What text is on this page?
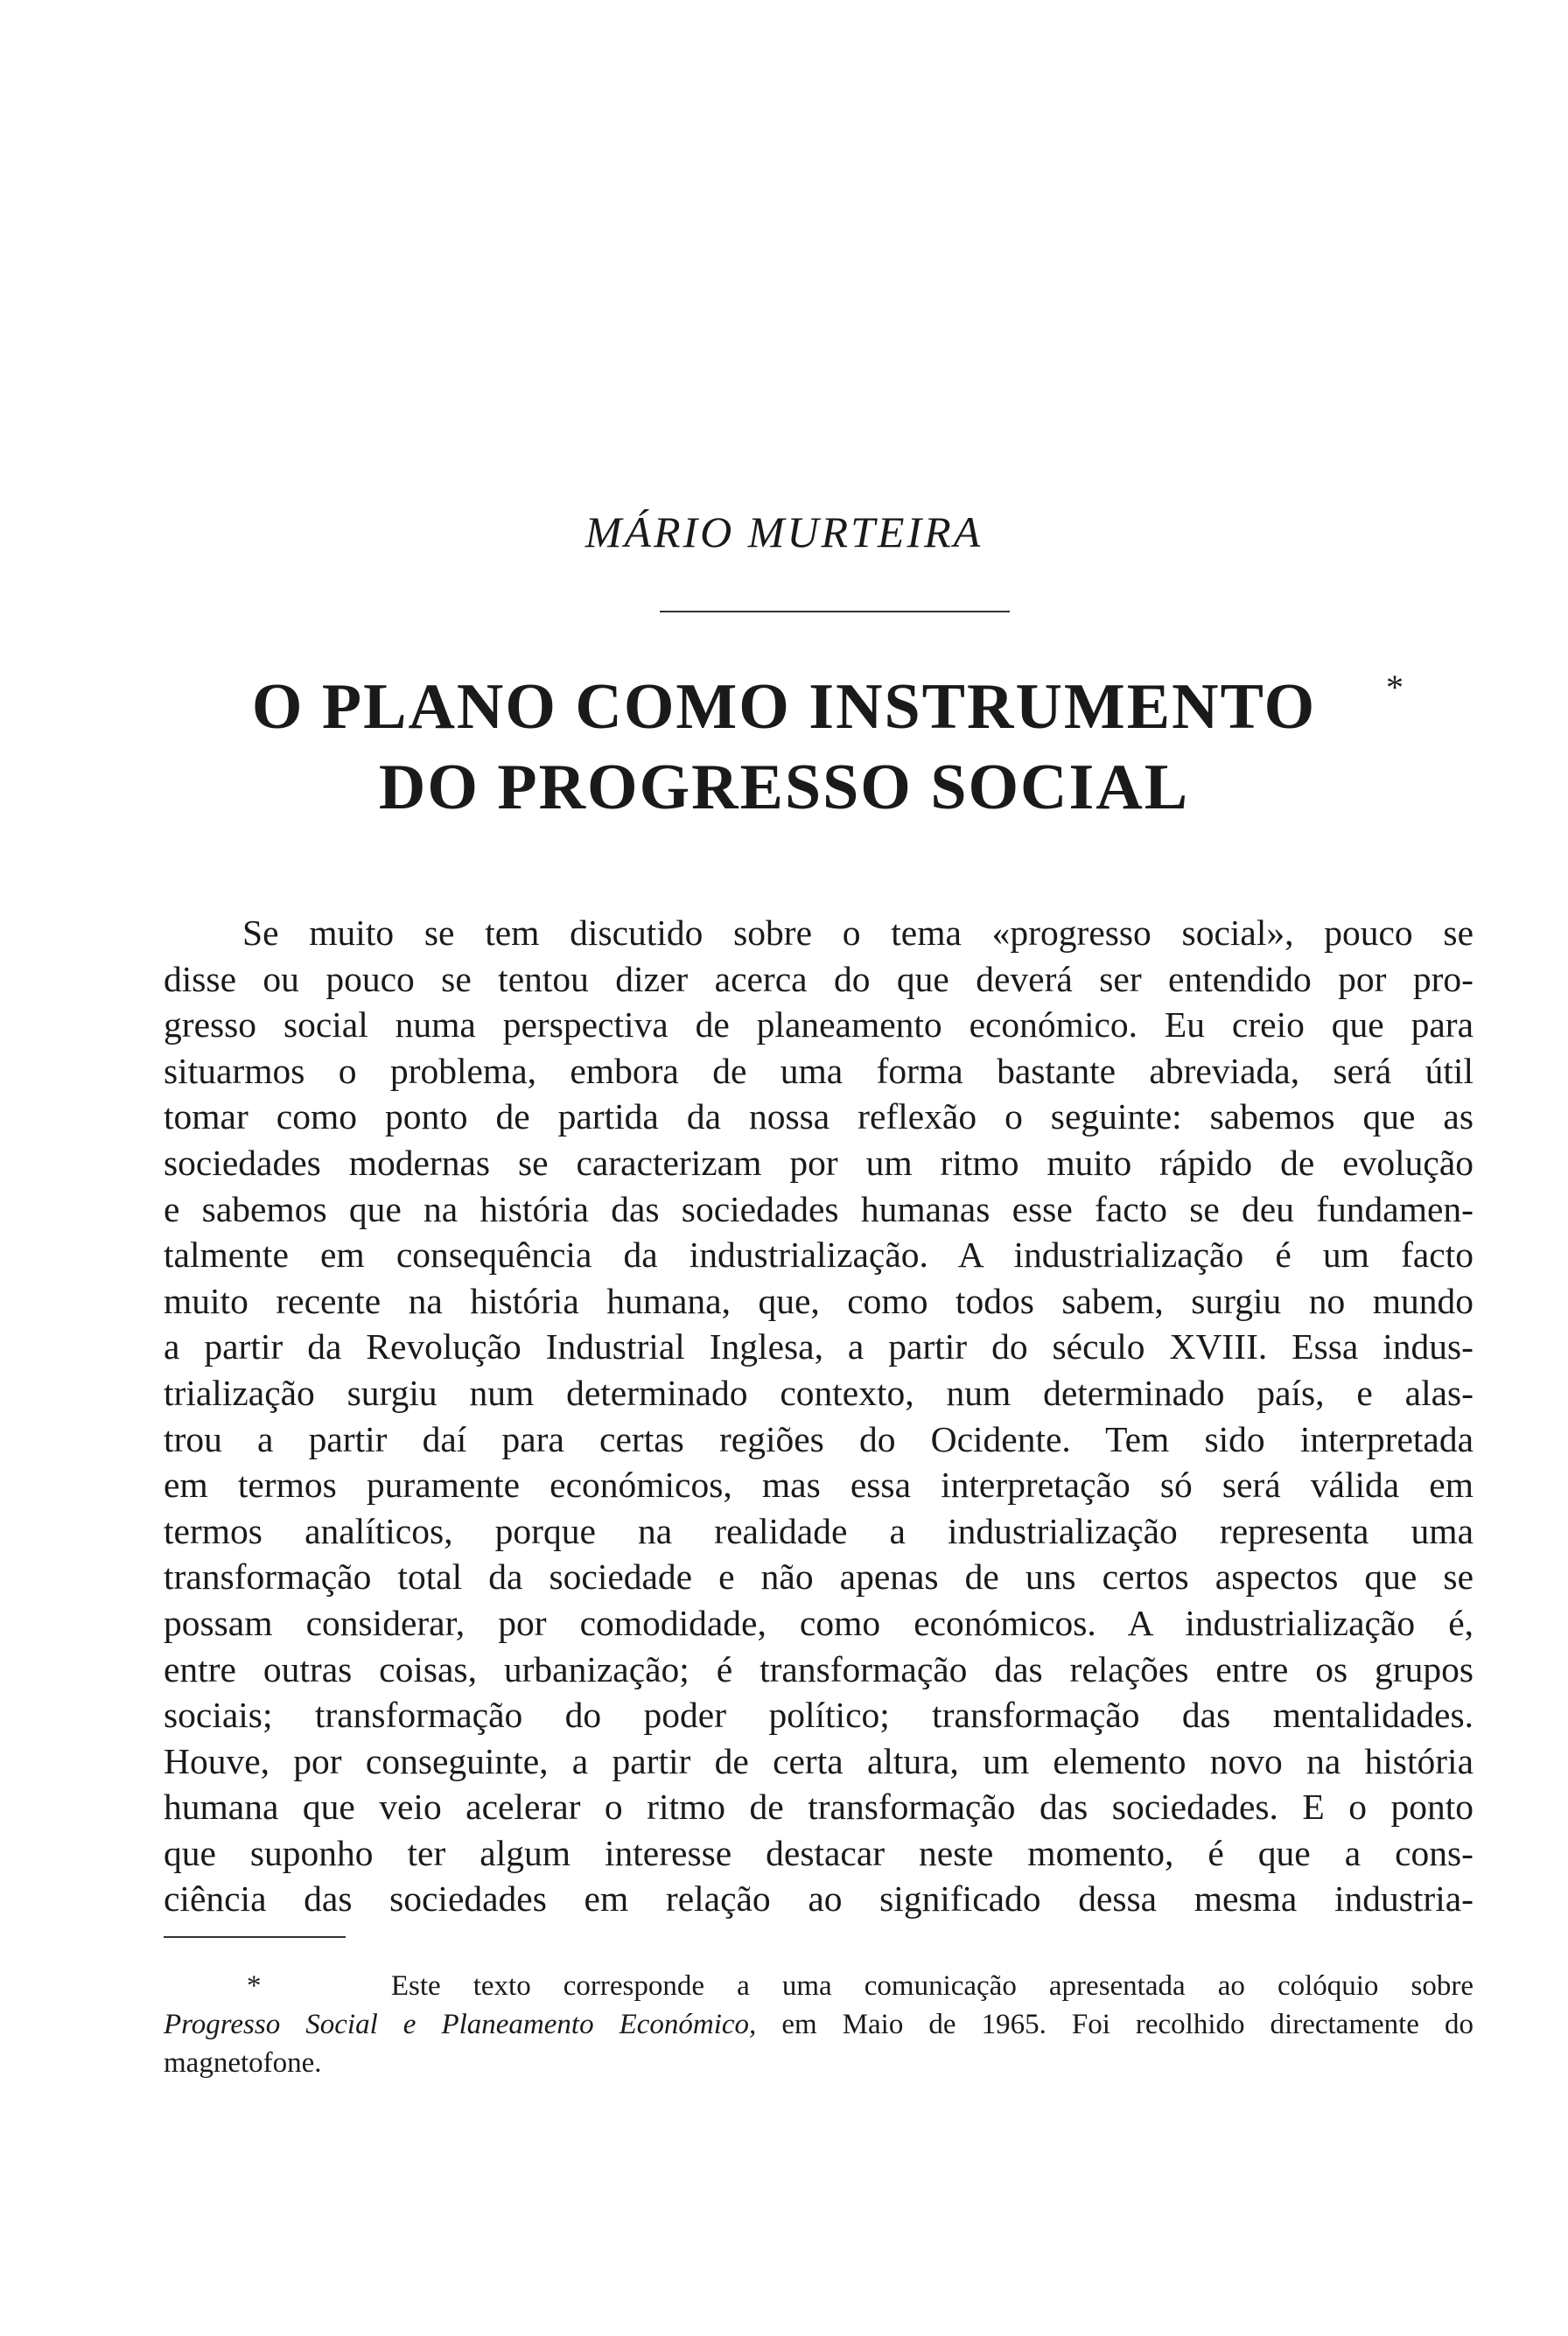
MÁRIO MURTEIRA
O PLANO COMO INSTRUMENTO
DO PROGRESSO SOCIAL
*
Se muito se tem discutido sobre o tema «progresso social», pouco se
disse ou pouco se tentou dizer acerca do que deverá ser entendido por pro-
gresso social numa perspectiva de planeamento económico. Eu creio que para
situarmos o problema, embora de uma forma bastante abreviada, será útil
tomar como ponto de partida da nossa reflexão o seguinte: sabemos que as
sociedades modernas se caracterizam por um ritmo muito rápido de evolução
e sabemos que na história das sociedades humanas esse facto se deu fundamen-
talmente em consequência da industrialização. A industrialização é um facto
muito recente na história humana, que, como todos sabem, surgiu no mundo
a partir da Revolução Industrial Inglesa, a partir do século XVIII. Essa indus-
trialização surgiu num determinado contexto, num determinado país, e alas-
trou a partir daí para certas regiões do Ocidente. Tem sido interpretada
em termos puramente económicos, mas essa interpretação só será válida em
termos analíticos, porque na realidade a industrialização representa uma
transformação total da sociedade e não apenas de uns certos aspectos que se
possam considerar, por comodidade, como económicos. A industrialização é,
entre outras coisas, urbanização; é transformação das relações entre os grupos
sociais; transformação do poder político; transformação das mentalidades.
Houve, por conseguinte, a partir de certa altura, um elemento novo na história
humana que veio acelerar o ritmo de transformação das sociedades. E o ponto
que suponho ter algum interesse destacar neste momento, é que a cons-
ciência das sociedades em relação ao significado dessa mesma industria-
*	Este texto corresponde a uma comunicação apresentada ao colóquio sobre
Progresso Social e Planeamento Económico, em Maio de 1965. Foi recolhido directamente do
magnetofone.
